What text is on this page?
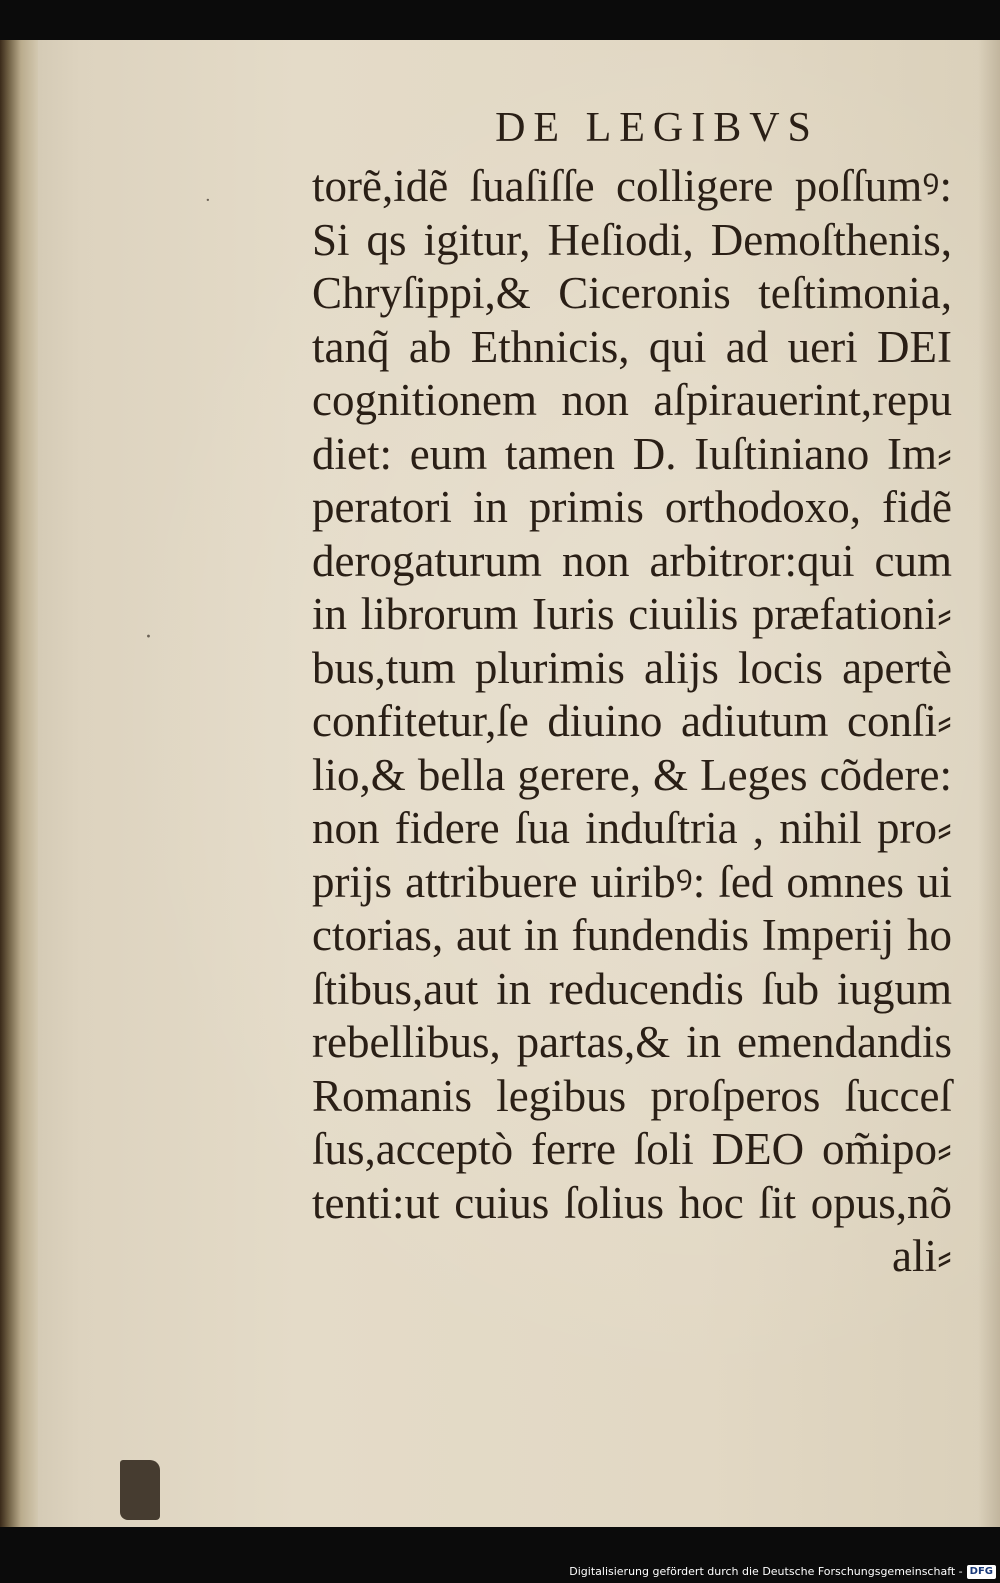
·
·
DE LEGIBVS
torẽ,idẽ ſuaſiſſe colligere poſſumꝰ:
Si qs igitur, Heſiodi, Demoſthenis,
Chryſippi,& Ciceronis teſtimonia,
tanq̃ ab Ethnicis, qui ad ueri DEI
cognitionem non aſpirauerint,repu
diet: eum tamen D. Iuſtiniano Im⸗
peratori in primis orthodoxo, fidẽ
derogaturum non arbitror:qui cum
in librorum Iuris ciuilis præfationi⸗
bus,tum plurimis alijs locis apertè
confitetur,ſe diuino adiutum conſi⸗
lio,& bella gerere, & Leges cõdere:
non fidere ſua induſtria , nihil pro⸗
prijs attribuere uiribꝰ: ſed omnes ui
ctorias, aut in fundendis Imperij ho
ſtibus,aut in reducendis ſub iugum
rebellibus, partas,& in emendandis
Romanis legibus proſperos ſucceſ
ſus,acceptò ferre ſoli DEO om̃ipo⸗
tenti:ut cuius ſolius hoc ſit opus,nõ
ali⸗
Digitalisierung gefördert durch die Deutsche Forschungsgemeinschaft - DFG
